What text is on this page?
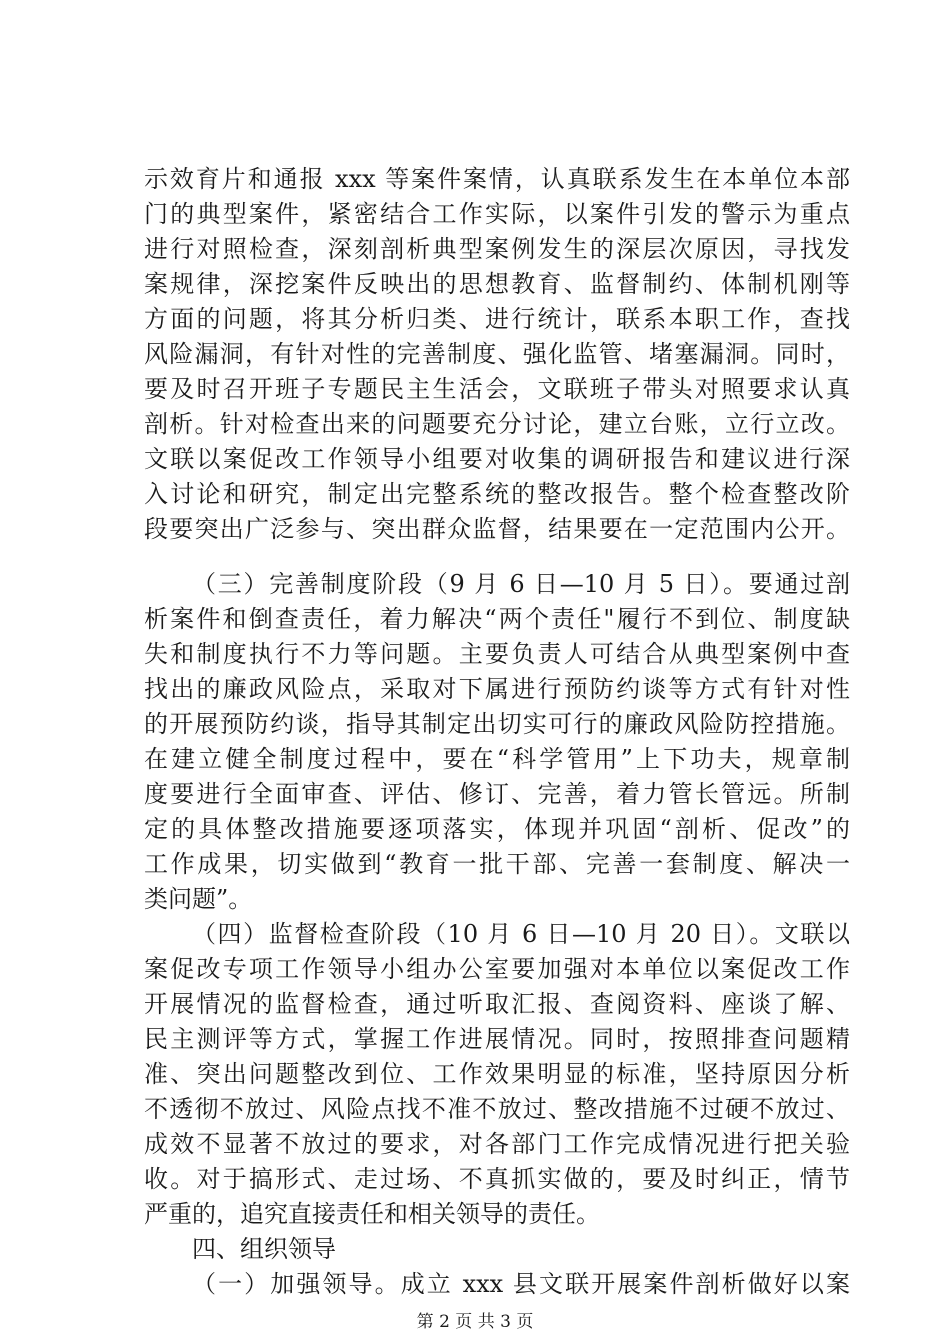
示效育片和通报 xxx 等案件案情，认真联系发生在本单位本部
门的典型案件，紧密结合工作实际，以案件引发的警示为重点
进行对照检查，深刻剖析典型案例发生的深层次原因，寻找发
案规律，深挖案件反映出的思想教育、监督制约、体制机刚等
方面的问题，将其分析归类、进行统计，联系本职工作，查找
风险漏洞，有针对性的完善制度、强化监管、堵塞漏洞。同时，
要及时召开班子专题民主生活会，文联班子带头对照要求认真
剖析。针对检查出来的问题要充分讨论，建立台账，立行立改。
文联以案促改工作领导小组要对收集的调研报告和建议进行深
入讨论和研究，制定出完整系统的整改报告。整个检查整改阶
段要突出广泛参与、突出群众监督，结果要在一定范围内公开。
（三）完善制度阶段（9 月 6 日—10 月 5 日）。要通过剖
析案件和倒查责任，着力解决“两个责任"履行不到位、制度缺
失和制度执行不力等问题。主要负责人可结合从典型案例中查
找出的廉政风险点，采取对下属进行预防约谈等方式有针对性
的开展预防约谈，指导其制定出切实可行的廉政风险防控措施。
在建立健全制度过程中，要在“科学管用”上下功夫，规章制
度要进行全面审查、评估、修订、完善，着力管长管远。所制
定的具体整改措施要逐项落实，体现并巩固“剖析、促改”的
工作成果，切实做到“教育一批干部、完善一套制度、解决一
类问题”。
（四）监督检查阶段（10 月 6 日—10 月 20 日）。文联以
案促改专项工作领导小组办公室要加强对本单位以案促改工作
开展情况的监督检查，通过听取汇报、查阅资料、座谈了解、
民主测评等方式，掌握工作进展情况。同时，按照排查问题精
准、突出问题整改到位、工作效果明显的标准，坚持原因分析
不透彻不放过、风险点找不准不放过、整改措施不过硬不放过、
成效不显著不放过的要求，对各部门工作完成情况进行把关验
收。对于搞形式、走过场、不真抓实做的，要及时纠正，情节
严重的，追究直接责任和相关领导的责任。
四、组织领导
（一）加强领导。成立 xxx 县文联开展案件剖析做好以案
第 2 页 共 3 页
